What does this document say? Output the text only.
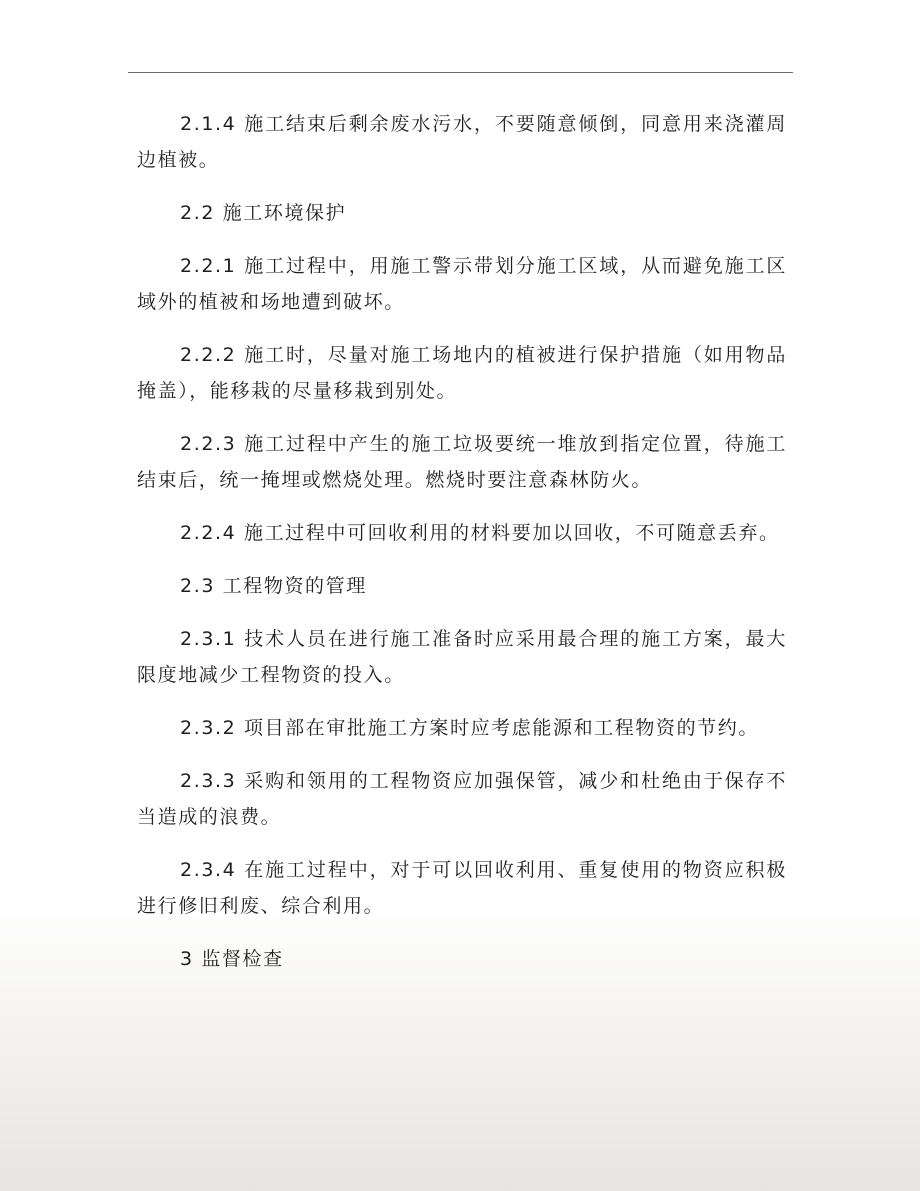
2.1.4 施工结束后剩余废水污水，不要随意倾倒，同意用来浇灌周边植被。

2.2 施工环境保护

2.2.1 施工过程中，用施工警示带划分施工区域，从而避免施工区域外的植被和场地遭到破坏。

2.2.2 施工时，尽量对施工场地内的植被进行保护措施（如用物品掩盖），能移栽的尽量移栽到别处。

2.2.3 施工过程中产生的施工垃圾要统一堆放到指定位置，待施工结束后，统一掩埋或燃烧处理。燃烧时要注意森林防火。

2.2.4 施工过程中可回收利用的材料要加以回收，不可随意丢弃。

2.3 工程物资的管理

2.3.1 技术人员在进行施工准备时应采用最合理的施工方案，最大限度地减少工程物资的投入。

2.3.2 项目部在审批施工方案时应考虑能源和工程物资的节约。

2.3.3 采购和领用的工程物资应加强保管，减少和杜绝由于保存不当造成的浪费。

2.3.4 在施工过程中，对于可以回收利用、重复使用的物资应积极进行修旧利废、综合利用。

3 监督检查
